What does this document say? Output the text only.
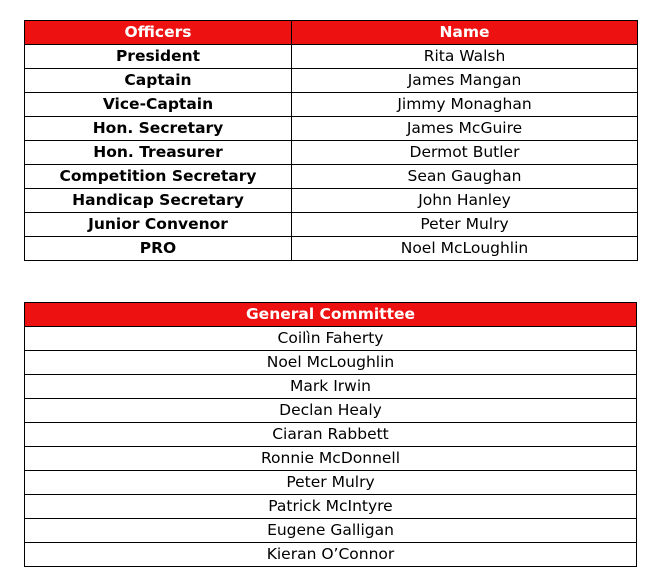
Officers	Name
President	Rita Walsh
Captain	James Mangan
Vice-Captain	Jimmy Monaghan
Hon. Secretary	James McGuire
Hon. Treasurer	Dermot Butler
Competition Secretary	Sean Gaughan
Handicap Secretary	John Hanley
Junior Convenor	Peter Mulry
PRO	Noel McLoughlin
General Committee
Coilìn Faherty
Noel McLoughlin
Mark Irwin
Declan Healy
Ciaran Rabbett
Ronnie McDonnell
Peter Mulry
Patrick McIntyre
Eugene Galligan
Kieran O’Connor
